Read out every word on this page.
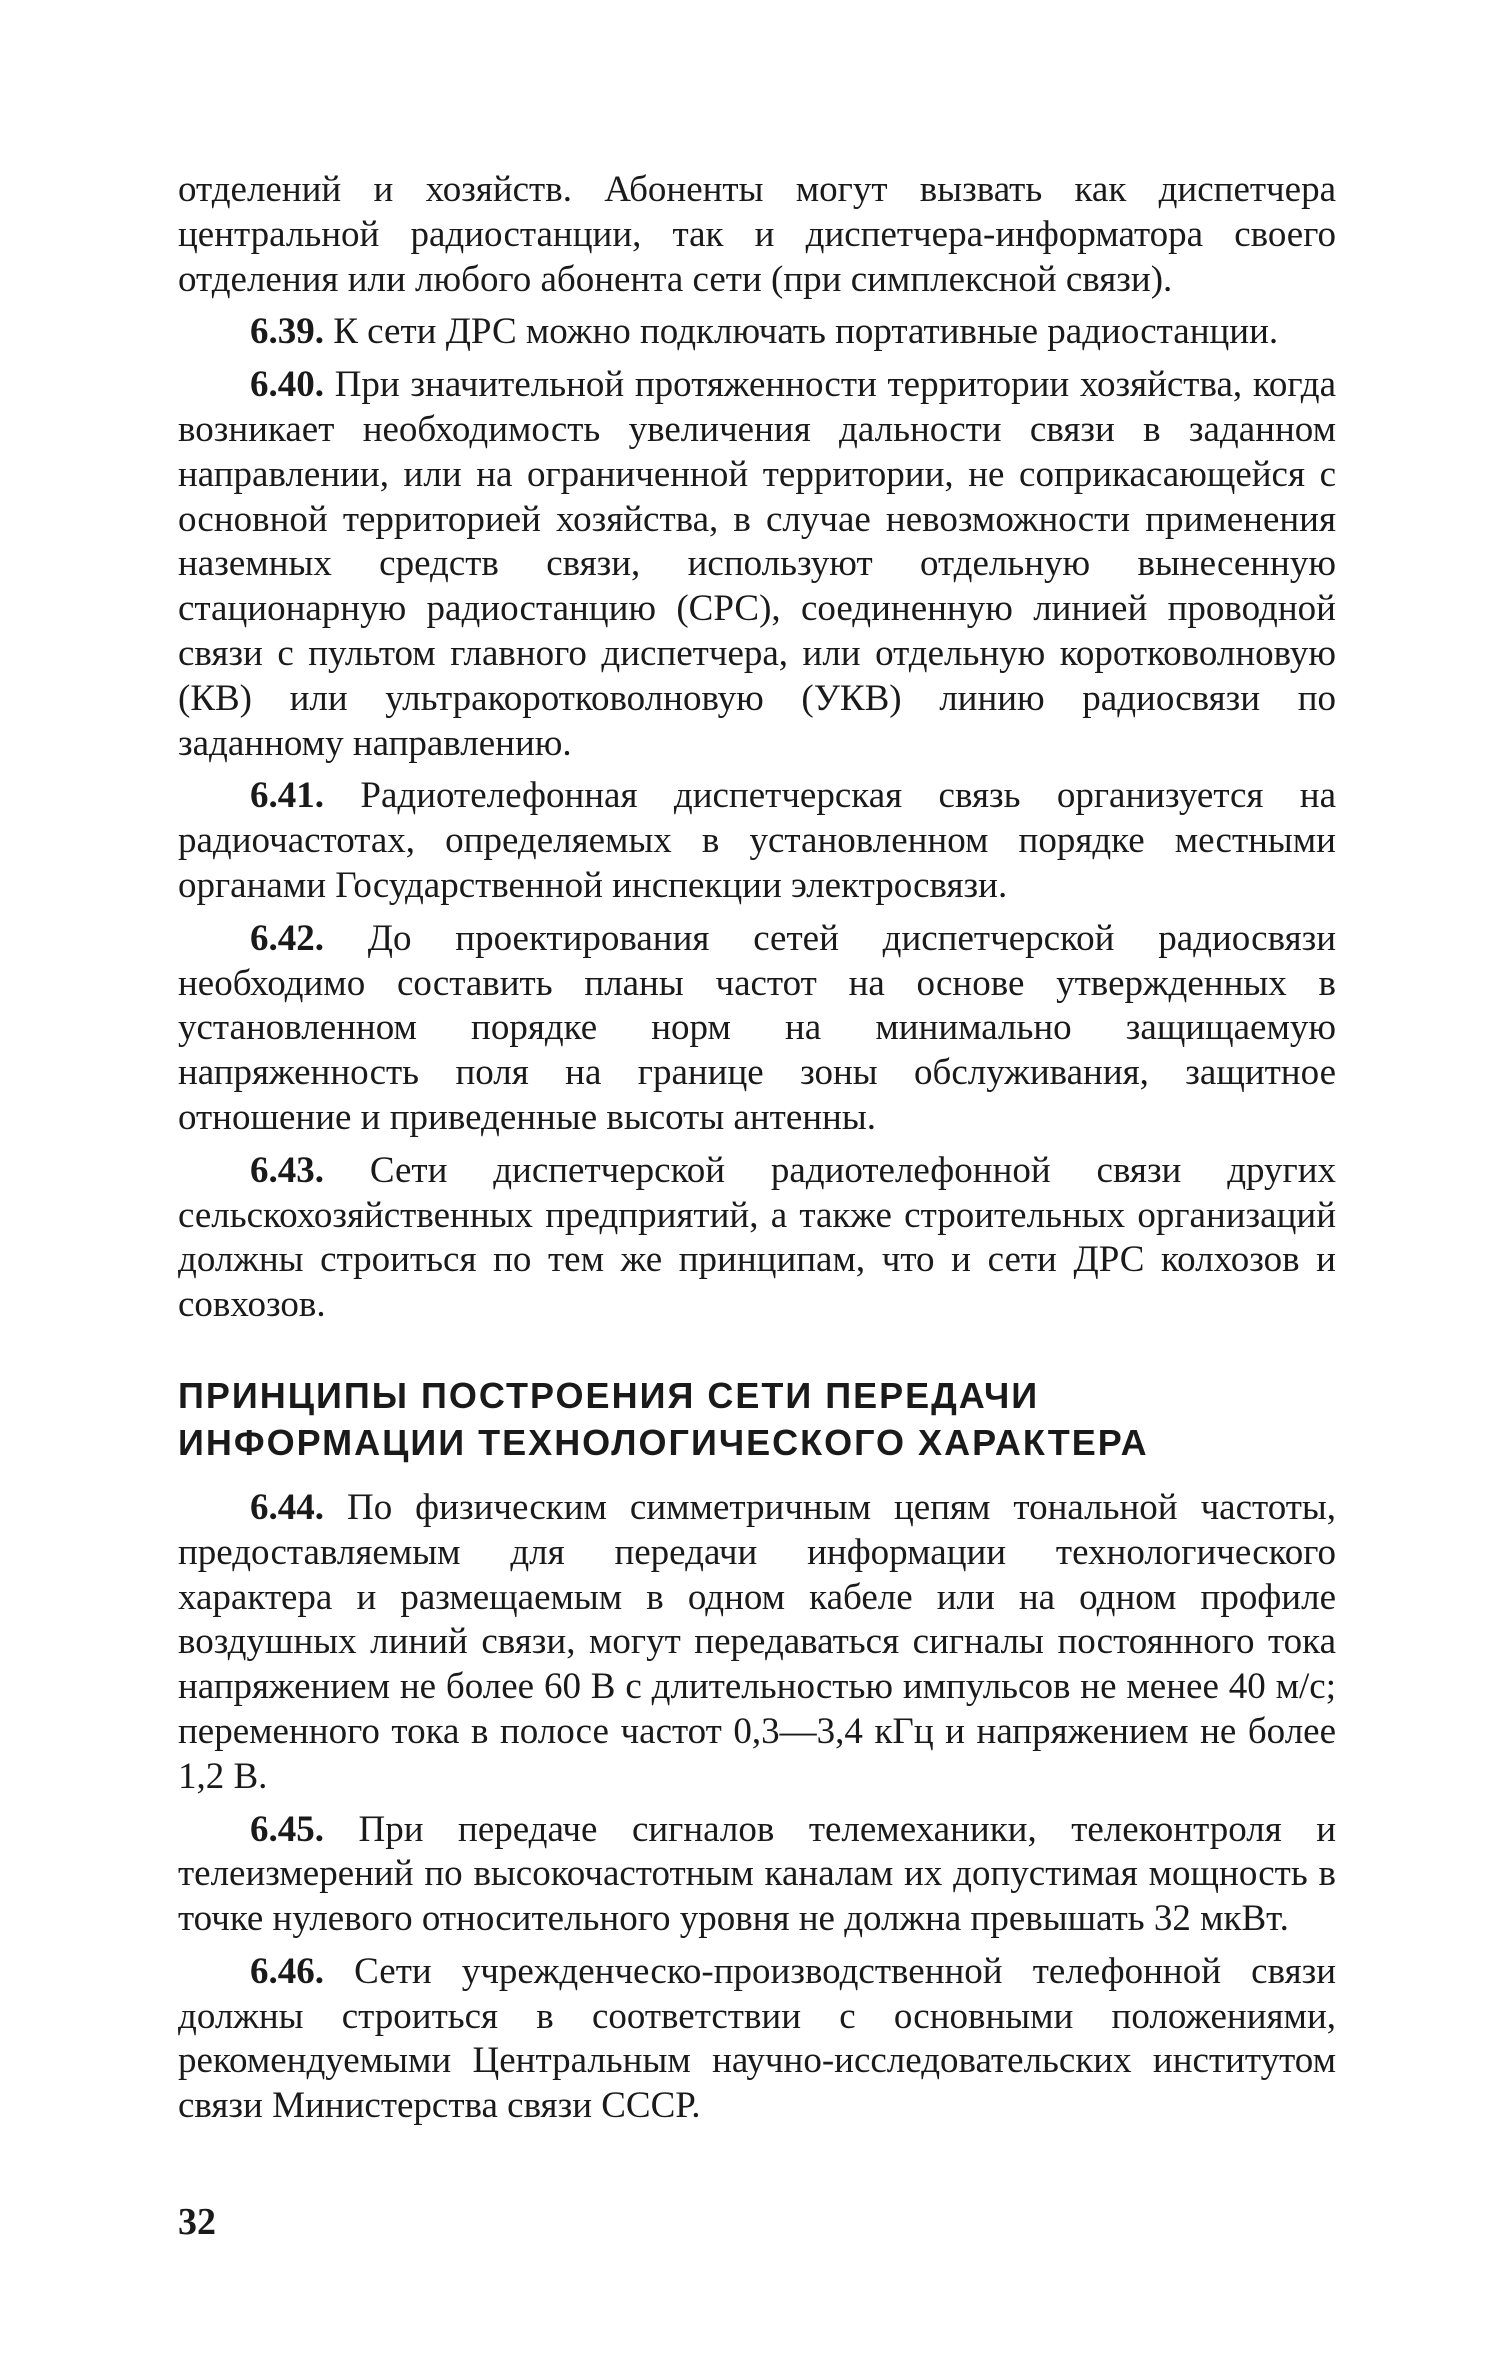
отделений и хозяйств. Абоненты могут вызвать как диспетчера центральной радиостанции, так и диспетчера-информатора своего отделения или любого абонента сети (при симплексной связи).

6.39. К сети ДРС можно подключать портативные радиостанции.

6.40. При значительной протяженности территории хозяйства, когда возникает необходимость увеличения дальности связи в заданном направлении, или на ограниченной территории, не соприкасающейся с основной территорией хозяйства, в случае невозможности применения наземных средств связи, используют отдельную вынесенную стационарную радиостанцию (СРС), соединенную линией проводной связи с пультом главного диспетчера, или отдельную коротковолновую (КВ) или ультракоротковолновую (УКВ) линию радиосвязи по заданному направлению.

6.41. Радиотелефонная диспетчерская связь организуется на радиочастотах, определяемых в установленном порядке местными органами Государственной инспекции электросвязи.

6.42. До проектирования сетей диспетчерской радиосвязи необходимо составить планы частот на основе утвержденных в установленном порядке норм на минимально защищаемую напряженность поля на границе зоны обслуживания, защитное отношение и приведенные высоты антенны.

6.43. Сети диспетчерской радиотелефонной связи других сельскохозяйственных предприятий, а также строительных организаций должны строиться по тем же принципам, что и сети ДРС колхозов и совхозов.

ПРИНЦИПЫ ПОСТРОЕНИЯ СЕТИ ПЕРЕДАЧИ
ИНФОРМАЦИИ ТЕХНОЛОГИЧЕСКОГО ХАРАКТЕРА

6.44. По физическим симметричным цепям тональной частоты, предоставляемым для передачи информации технологического характера и размещаемым в одном кабеле или на одном профиле воздушных линий связи, могут передаваться сигналы постоянного тока напряжением не более 60 В с длительностью импульсов не менее 40 м/с; переменного тока в полосе частот 0,3—3,4 кГц и напряжением не более 1,2 В.

6.45. При передаче сигналов телемеханики, телеконтроля и телеизмерений по высокочастотным каналам их допустимая мощность в точке нулевого относительного уровня не должна превышать 32 мкВт.

6.46. Сети учрежденческо-производственной телефонной связи должны строиться в соответствии с основными положениями, рекомендуемыми Центральным научно-исследовательских институтом связи Министерства связи СССР.

32
